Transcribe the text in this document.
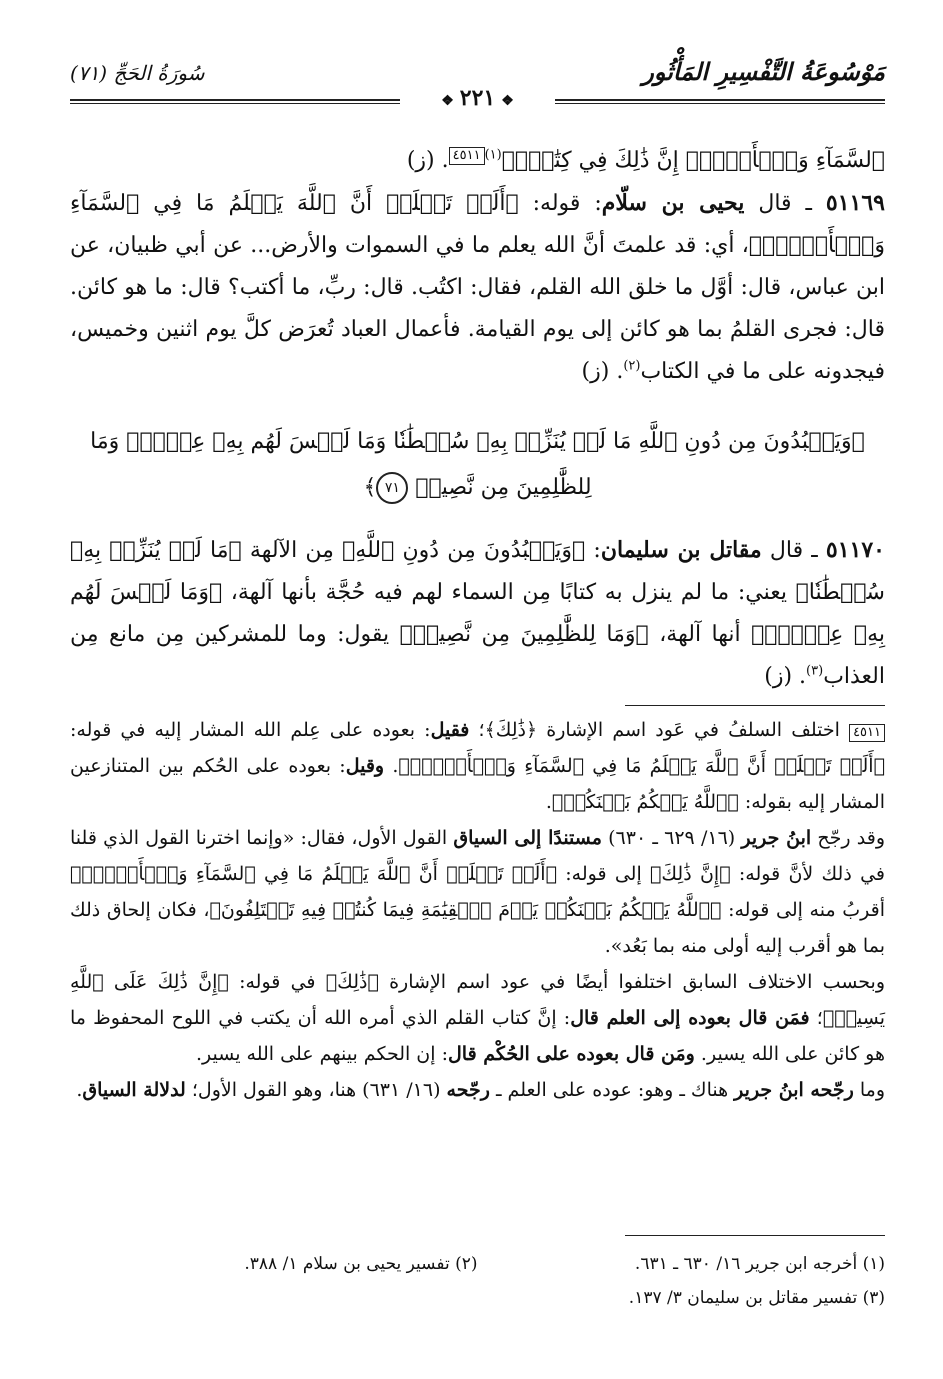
مَوْسُوعَةُ التَّفْسِيرِ المَأْثُور
سُورَةُ الحَجِّ (٧١)
❖٢٢١❖

ٱلسَّمَآءِ وَٱلۡأَرۡضِۚ إِنَّ ذَٰلِكَ فِي كِتَٰبٍۚ﴾$^{(١)}$٤٥١١. (ز)

٥١١٦٩ ـ قال يحيى بن سلّام: قوله: ﴿أَلَمۡ تَعۡلَمۡ أَنَّ ٱللَّهَ يَعۡلَمُ مَا فِي ٱلسَّمَآءِ وَٱلۡأَرۡضِۚ﴾، أي: قد علمتَ أنَّ الله يعلم ما في السموات والأرض... عن أبي ظبيان، عن ابن عباس، قال: أوَّل ما خلق الله القلم، فقال: اكتُب. قال: ربِّ، ما أكتب؟ قال: ما هو كائن. قال: فجرى القلمُ بما هو كائن إلى يوم القيامة. فأعمال العباد تُعرَض كلَّ يوم اثنين وخميس، فيجدونه على ما في الكتاب$^{(٢)}$. (ز)

﴿وَيَعۡبُدُونَ مِن دُونِ ٱللَّهِ مَا لَمۡ يُنَزِّلۡ بِهِۦ سُلۡطَٰنٗا وَمَا لَيۡسَ لَهُم بِهِۦ عِلۡمٞۗ وَمَا لِلظَّٰلِمِينَ مِن نَّصِيرٖ ٧١﴾

٥١١٧٠ ـ قال مقاتل بن سليمان: ﴿وَيَعۡبُدُونَ مِن دُونِ ٱللَّهِ﴾ مِن الآلهة ﴿مَا لَمۡ يُنَزِّلۡ بِهِۦ سُلۡطَٰنٗا﴾ يعني: ما لم ينزل به كتابًا مِن السماء لهم فيه حُجَّة بأنها آلهة، ﴿وَمَا لَيۡسَ لَهُم بِهِۦ عِلۡمٞۗ﴾ أنها آلهة، ﴿وَمَا لِلظَّٰلِمِينَ مِن نَّصِيرٖ﴾ يقول: وما للمشركين مِن مانع مِن العذاب$^{(٣)}$. (ز)

٤٥١١ اختلف السلفُ في عَود اسم الإشارة ﴿ذَٰلِكَ﴾؛ فقيل: بعوده على عِلم الله المشار إليه في قوله: ﴿أَلَمۡ تَعۡلَمۡ أَنَّ ٱللَّهَ يَعۡلَمُ مَا فِي ٱلسَّمَآءِ وَٱلۡأَرۡضِۚ﴾. وقيل: بعوده على الحُكم بين المتنازعين المشار إليه بقوله: ﴿ٱللَّهُ يَحۡكُمُ بَيۡنَكُمۡ﴾.

وقد رجّح ابنُ جرير (١٦/ ٦٢٩ ـ ٦٣٠) مستندًا إلى السياق القول الأول، فقال: «وإنما اخترنا القول الذي قلنا في ذلك لأنَّ قوله: ﴿إِنَّ ذَٰلِكَ﴾ إلى قوله: ﴿أَلَمۡ تَعۡلَمۡ أَنَّ ٱللَّهَ يَعۡلَمُ مَا فِي ٱلسَّمَآءِ وَٱلۡأَرۡضِۚ﴾ أقربُ منه إلى قوله: ﴿ٱللَّهُ يَحۡكُمُ بَيۡنَكُمۡ يَوۡمَ ٱلۡقِيَٰمَةِ فِيمَا كُنتُمۡ فِيهِ تَخۡتَلِفُونَ﴾، فكان إلحاق ذلك بما هو أقرب إليه أولى منه بما بَعُد».

وبحسب الاختلاف السابق اختلفوا أيضًا في عود اسم الإشارة ﴿ذَٰلِكَ﴾ في قوله: ﴿إِنَّ ذَٰلِكَ عَلَى ٱللَّهِ يَسِيرٞ﴾؛ فمَن قال بعوده إلى العلم قال: إنَّ كتاب القلم الذي أمره الله أن يكتب في اللوح المحفوظ ما هو كائن على الله يسير. ومَن قال بعوده على الحُكْم قال: إن الحكم بينهم على الله يسير.

وما رجّحه ابنُ جرير هناك ـ وهو: عوده على العلم ـ رجّحه (١٦/ ٦٣١) هنا، وهو القول الأول؛ لدلالة السياق.

(١) أخرجه ابن جرير ١٦/ ٦٣٠ ـ ٦٣١.
(٢) تفسير يحيى بن سلام ١/ ٣٨٨.
(٣) تفسير مقاتل بن سليمان ٣/ ١٣٧.
